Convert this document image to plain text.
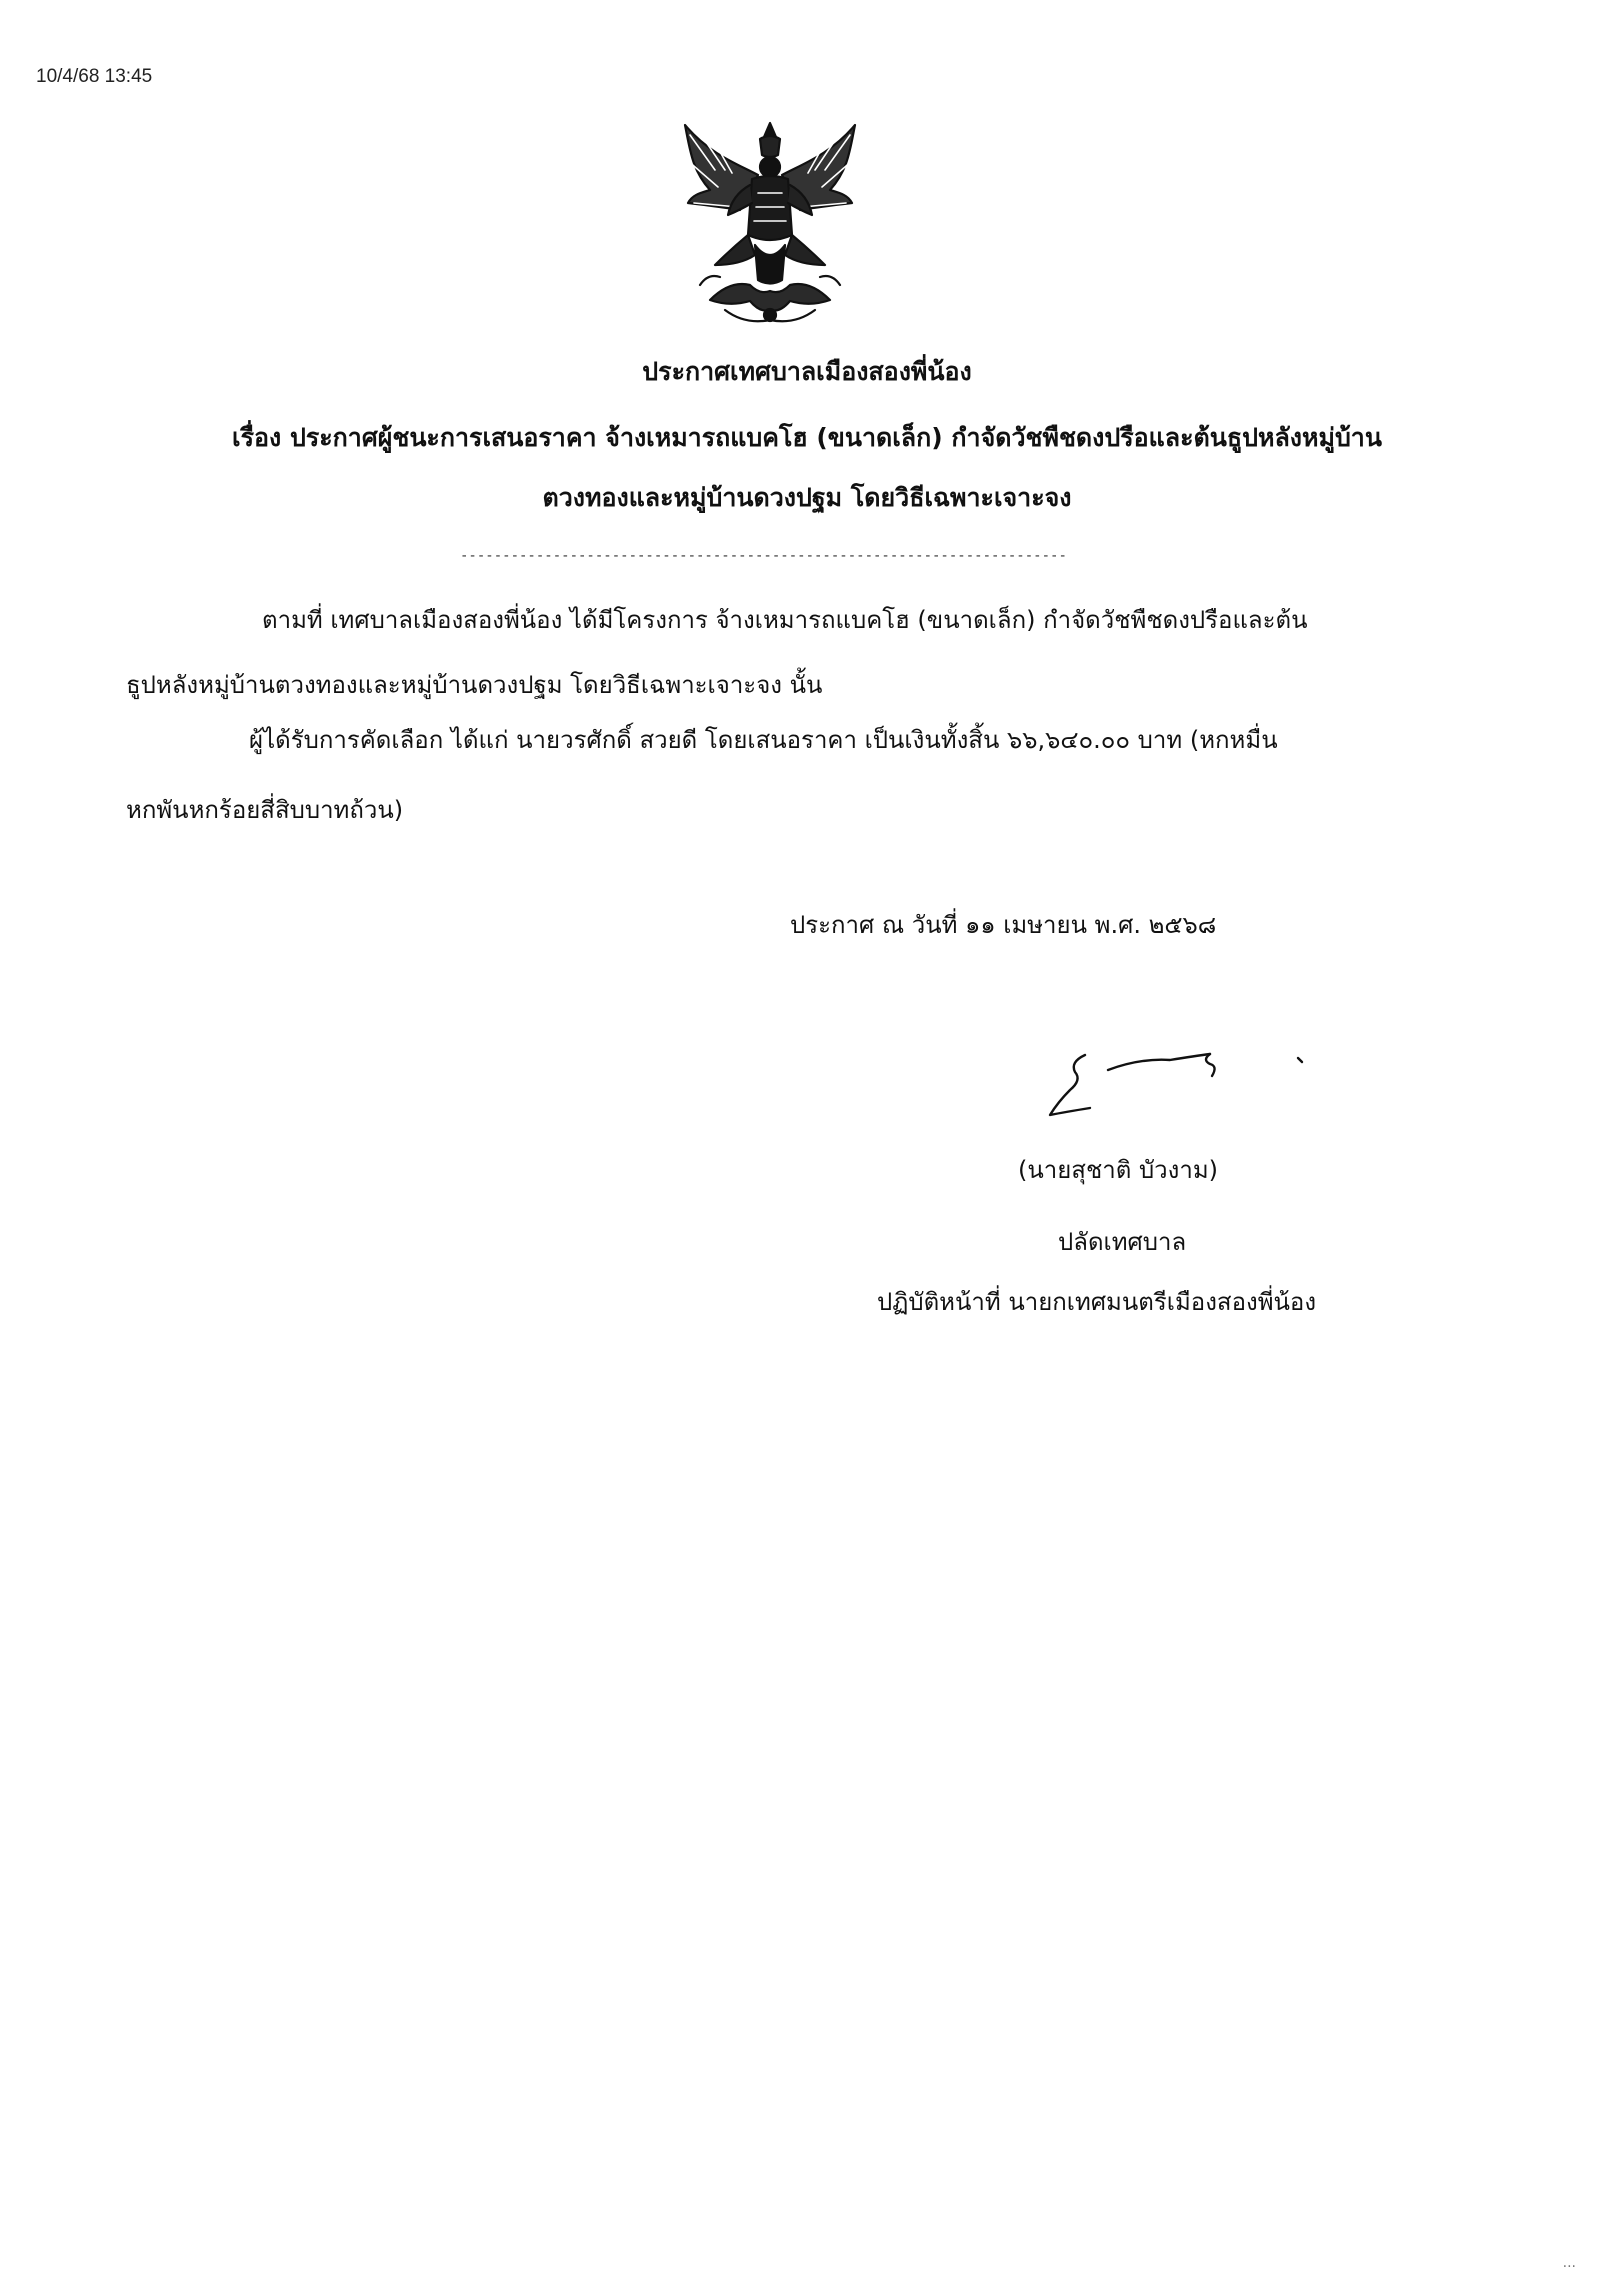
10/4/68 13:45
ประกาศเทศบาลเมืองสองพี่น้อง
เรื่อง ประกาศผู้ชนะการเสนอราคา จ้างเหมารถแบคโฮ (ขนาดเล็ก) กำจัดวัชพืชดงปรือและต้นธูปหลังหมู่บ้าน
ตวงทองและหมู่บ้านดวงปฐม โดยวิธีเฉพาะเจาะจง
------------------------------------------------------------------------
ตามที่ เทศบาลเมืองสองพี่น้อง ได้มีโครงการ จ้างเหมารถแบคโฮ (ขนาดเล็ก) กำจัดวัชพืชดงปรือและต้น
ธูปหลังหมู่บ้านตวงทองและหมู่บ้านดวงปฐม โดยวิธีเฉพาะเจาะจง นั้น
ผู้ได้รับการคัดเลือก ได้แก่ นายวรศักดิ์ สวยดี โดยเสนอราคา เป็นเงินทั้งสิ้น ๖๖,๖๔๐.๐๐ บาท (หกหมื่น
หกพันหกร้อยสี่สิบบาทถ้วน)
ประกาศ ณ วันที่ ๑๑ เมษายน พ.ศ. ๒๕๖๘
(นายสุชาติ บัวงาม)
ปลัดเทศบาล
ปฏิบัติหน้าที่ นายกเทศมนตรีเมืองสองพี่น้อง
...
